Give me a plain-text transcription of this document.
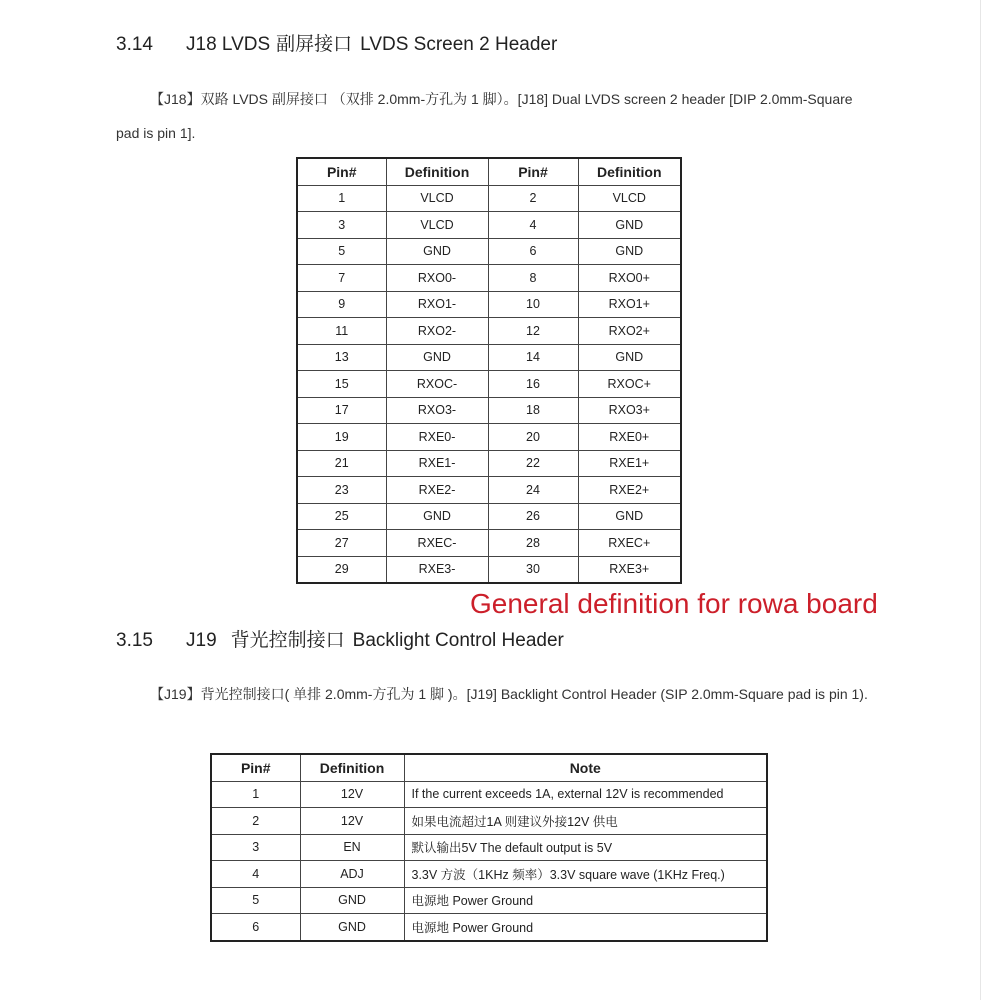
3.14 J18 LVDS 副屏接口 LVDS Screen 2 Header
【J18】双路 LVDS 副屏接口 （双排 2.0mm-方孔为 1 脚）。[J18] Dual LVDS screen 2 header [DIP 2.0mm-Square pad is pin 1].
Pin#	Definition	Pin#	Definition
1	VLCD	2	VLCD
3	VLCD	4	GND
5	GND	6	GND
7	RXO0-	8	RXO0+
9	RXO1-	10	RXO1+
11	RXO2-	12	RXO2+
13	GND	14	GND
15	RXOC-	16	RXOC+
17	RXO3-	18	RXO3+
19	RXE0-	20	RXE0+
21	RXE1-	22	RXE1+
23	RXE2-	24	RXE2+
25	GND	26	GND
27	RXEC-	28	RXEC+
29	RXE3-	30	RXE3+
General definition for rowa board
3.15 J19 背光控制接口 Backlight Control Header
【J19】背光控制接口( 单排 2.0mm-方孔为 1 脚 )。[J19] Backlight Control Header (SIP 2.0mm-Square pad is pin 1).
Pin#	Definition	Note
1	12V	If the current exceeds 1A, external 12V is recommended
2	12V	如果电流超过1A 则建议外接12V 供电
3	EN	默认输出5V The default output is 5V
4	ADJ	3.3V 方波（1KHz 频率）3.3V square wave (1KHz Freq.)
5	GND	电源地 Power Ground
6	GND	电源地 Power Ground
